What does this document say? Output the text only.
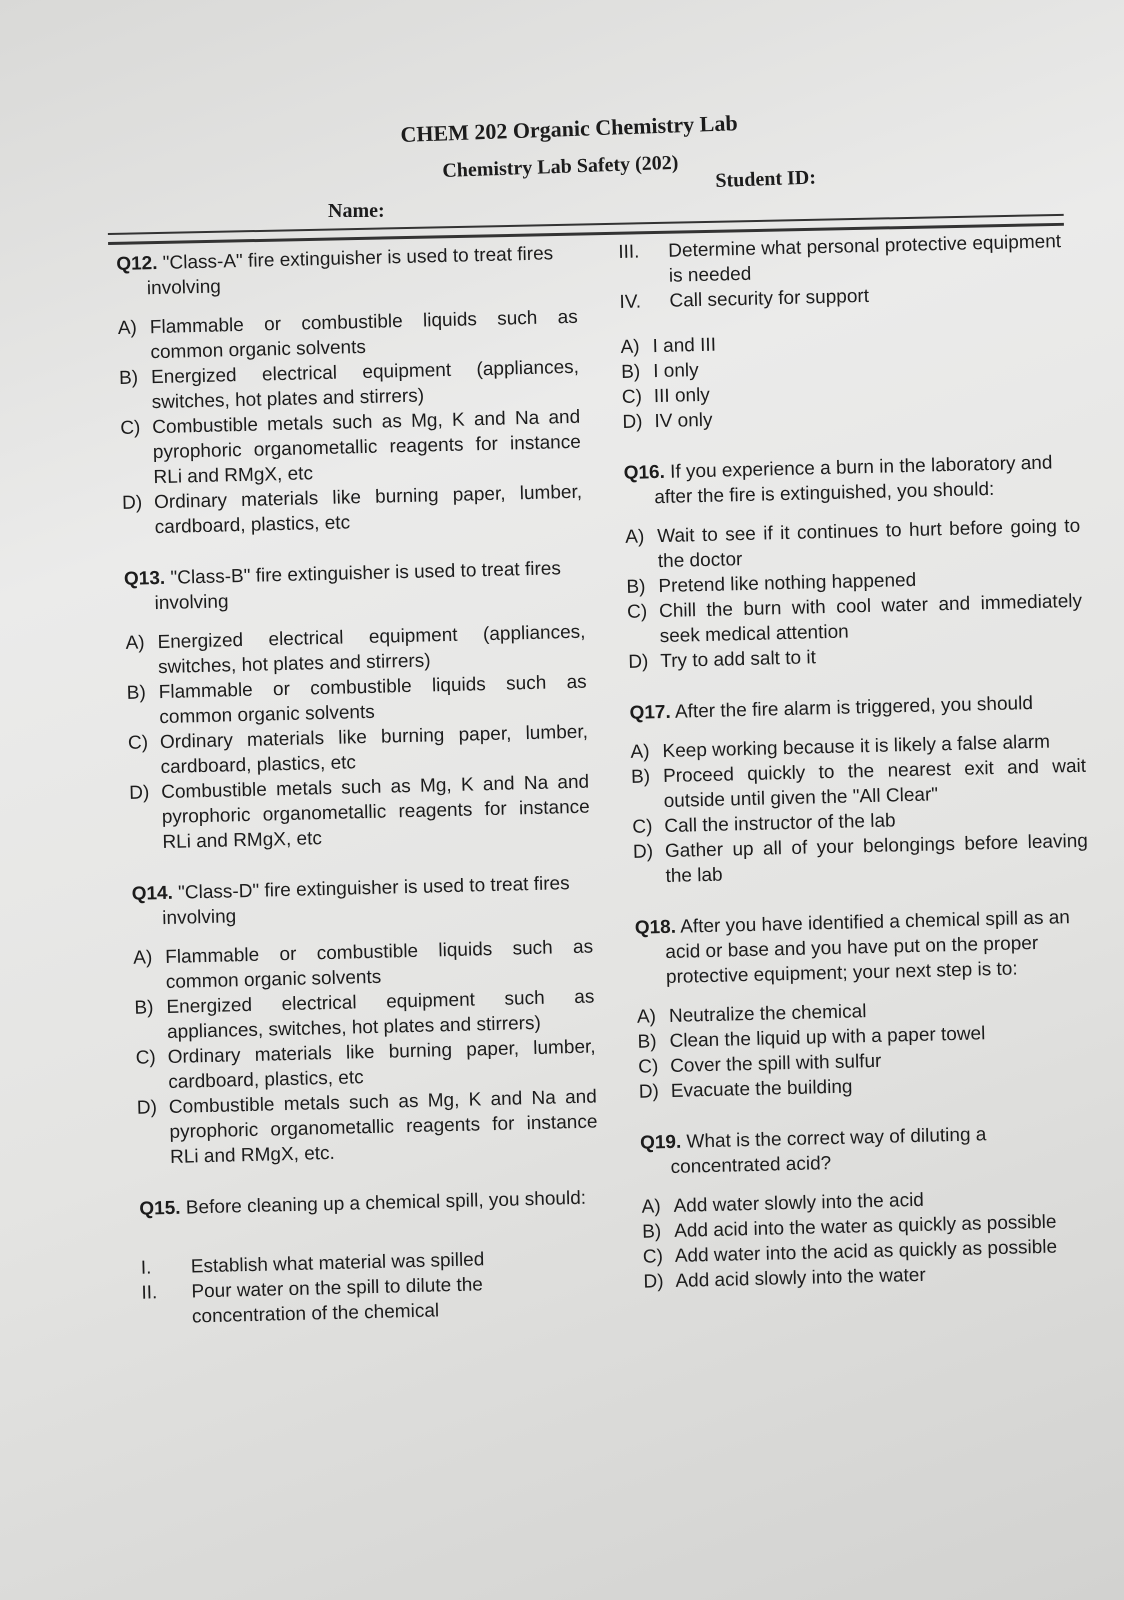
CHEM 202 Organic Chemistry Lab
Chemistry Lab Safety (202)
Name:
Student ID:
Q12. "Class-A" fire extinguisher is used to treat fires involving
A) Flammable or combustible liquids such as common organic solvents
B) Energized electrical equipment (appliances, switches, hot plates and stirrers)
C) Combustible metals such as Mg, K and Na and pyrophoric organometallic reagents for instance RLi and RMgX, etc
D) Ordinary materials like burning paper, lumber, cardboard, plastics, etc
Q13. "Class-B" fire extinguisher is used to treat fires involving
A) Energized electrical equipment (appliances, switches, hot plates and stirrers)
B) Flammable or combustible liquids such as common organic solvents
C) Ordinary materials like burning paper, lumber, cardboard, plastics, etc
D) Combustible metals such as Mg, K and Na and pyrophoric organometallic reagents for instance RLi and RMgX, etc
Q14. "Class-D" fire extinguisher is used to treat fires involving
A) Flammable or combustible liquids such as common organic solvents
B) Energized electrical equipment such as appliances, switches, hot plates and stirrers)
C) Ordinary materials like burning paper, lumber, cardboard, plastics, etc
D) Combustible metals such as Mg, K and Na and pyrophoric organometallic reagents for instance RLi and RMgX, etc.
Q15. Before cleaning up a chemical spill, you should:
I.	Establish what material was spilled
II.	Pour water on the spill to dilute the concentration of the chemical
III.	Determine what personal protective equipment is needed
IV.	Call security for support
A) I and III
B) I only
C) III only
D) IV only
Q16. If you experience a burn in the laboratory and after the fire is extinguished, you should:
A) Wait to see if it continues to hurt before going to the doctor
B) Pretend like nothing happened
C) Chill the burn with cool water and immediately seek medical attention
D) Try to add salt to it
Q17. After the fire alarm is triggered, you should
A) Keep working because it is likely a false alarm
B) Proceed quickly to the nearest exit and wait outside until given the "All Clear"
C) Call the instructor of the lab
D) Gather up all of your belongings before leaving the lab
Q18. After you have identified a chemical spill as an acid or base and you have put on the proper protective equipment; your next step is to:
A) Neutralize the chemical
B) Clean the liquid up with a paper towel
C) Cover the spill with sulfur
D) Evacuate the building
Q19. What is the correct way of diluting a concentrated acid?
A) Add water slowly into the acid
B) Add acid into the water as quickly as possible
C) Add water into the acid as quickly as possible
D) Add acid slowly into the water
